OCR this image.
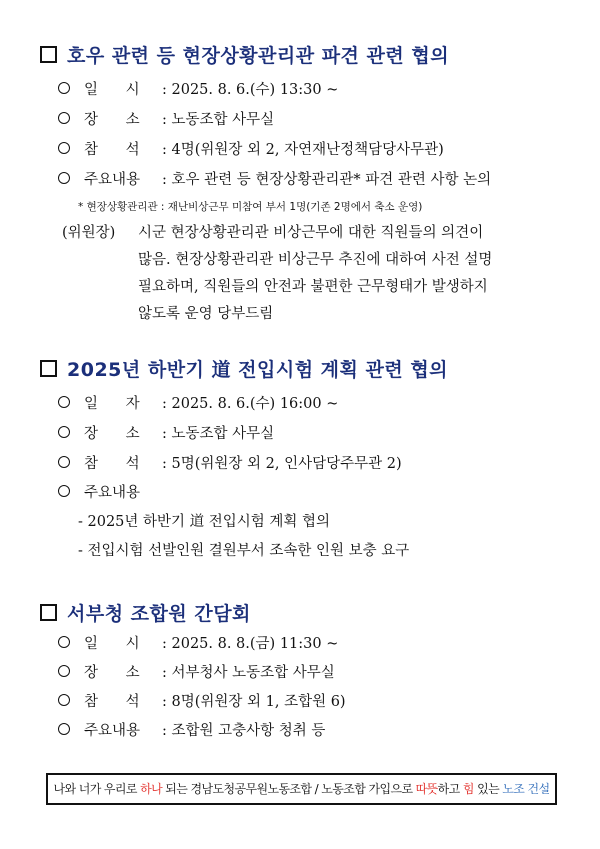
호우 관련 등 현장상황관리관 파견 관련 협의
일      시 : 2025. 8. 6.(수) 13:30 ~
장      소 : 노동조합 사무실
참      석 : 4명(위원장 외 2, 자연재난정책담당사무관)
주요내용 : 호우 관련 등 현장상황관리관* 파견 관련 사항 논의
* 현장상황관리관 : 재난비상근무 미참여 부서 1명(기존 2명에서 축소 운영)
(위원장) 시군 현장상황관리관 비상근무에 대한 직원들의 의견이
많음. 현장상황관리관 비상근무 추진에 대하여 사전 설명
필요하며, 직원들의 안전과 불편한 근무형태가 발생하지
않도록 운영 당부드림
2025년 하반기 道 전입시험 계획 관련 협의
일      자 : 2025. 8. 6.(수) 16:00 ~
장      소 : 노동조합 사무실
참      석 : 5명(위원장 외 2, 인사담당주무관 2)
주요내용
- 2025년 하반기 道 전입시험 계획 협의
- 전입시험 선발인원 결원부서 조속한 인원 보충 요구
서부청 조합원 간담회
일      시 : 2025. 8. 8.(금) 11:30 ~
장      소 : 서부청사 노동조합 사무실
참      석 : 8명(위원장 외 1, 조합원 6)
주요내용 : 조합원 고충사항 청취 등
나와 너가 우리로 하나 되는 경남도청공무원노동조합 / 노동조합 가입으로 따뜻하고 힘 있는 노조 건설
